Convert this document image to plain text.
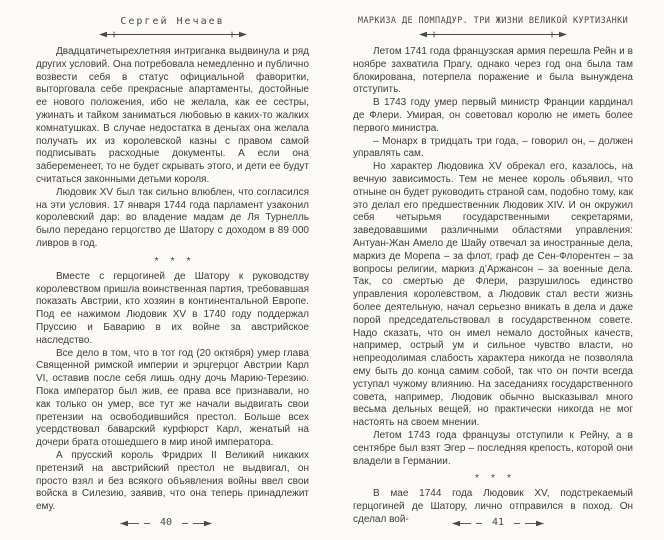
Сергей Нечаев

Двадцатичетырехлетняя интриганка выдвинула и ряд других условий. Она потребовала немедленно и публично возвести себя в статус официальной фаворитки, выторговала себе прекрасные апартаменты, достойные ее нового положения, ибо не желала, как ее сестры, ужинать и тайком заниматься любовью в каких-то жалких комнатушках. В случае недостатка в деньгах она желала получать их из королевской казны с правом самой подписывать расходные документы. А если она забеременеет, то не будет скрывать этого, и дети ее будут считаться законными детьми короля.

Людовик XV был так сильно влюблен, что согласился на эти условия. 17 января 1744 года парламент узаконил королевский дар: во владение мадам де Ля Турнелль было передано герцогство де Шатору с доходом в 89 000 ливров в год.

* * *

Вместе с герцогиней де Шатору к руководству королевством пришла воинственная партия, требовавшая показать Австрии, кто хозяин в континентальной Европе. Под ее нажимом Людовик XV в 1740 году поддержал Пруссию и Баварию в их войне за австрийское наследство.

Все дело в том, что в тот год (20 октября) умер глава Священной римской империи и эрцгерцог Австрии Карл VI, оставив после себя лишь одну дочь Марию-Терезию. Пока император был жив, ее права все признавали, но как только он умер, все тут же начали выдвигать свои претензии на освободившийся престол. Больше всех усердствовал баварский курфюрст Карл, женатый на дочери брата отошедшего в мир иной императора.

А прусский король Фридрих II Великий никаких претензий на австрийский престол не выдвигал, он просто взял и без всякого объявления войны ввел свои войска в Силезию, заявив, что она теперь принадлежит ему.

40
МАРКИЗА ДЕ ПОМПАДУР. ТРИ ЖИЗНИ ВЕЛИКОЙ КУРТИЗАНКИ

Летом 1741 года французская армия перешла Рейн и в ноябре захватила Прагу, однако через год она была там блокирована, потерпела поражение и была вынуждена отступить.

В 1743 году умер первый министр Франции кардинал де Флери. Умирая, он советовал королю не иметь более первого министра.

– Монарх в тридцать три года, – говорил он, – должен управлять сам.

Но характер Людовика XV обрекал его, казалось, на вечную зависимость. Тем не менее король объявил, что отныне он будет руководить страной сам, подобно тому, как это делал его предшественник Людовик XIV. И он окружил себя четырьмя государственными секретарями, заведовавшими различными областями управления: Антуан-Жан Амело де Шайу отвечал за иностранные дела, маркиз де Морепа – за флот, граф де Сен-Флорентен – за вопросы религии, маркиз д’Аржансон – за военные дела. Так, со смертью де Флери, разрушилось единство управления королевством, а Людовик стал вести жизнь более деятельную, начал серьезно вникать в дела и даже порой председательствовал в государственном совете. Надо сказать, что он имел немало достойных качеств, например, острый ум и сильное чувство власти, но непреодолимая слабость характера никогда не позволяла ему быть до конца самим собой, так что он почти всегда уступал чужому влиянию. На заседаниях государственного совета, например, Людовик обычно высказывал много весьма дельных вещей, но практически никогда не мог настоять на своем мнении.

Летом 1743 года французы отступили к Рейну, а в сентябре был взят Эгер – последняя крепость, которой они владели в Германии.

* * *

В мае 1744 года Людовик XV, подстрекаемый герцогиней де Шатору, лично отправился в поход. Он сделал вой-	41
